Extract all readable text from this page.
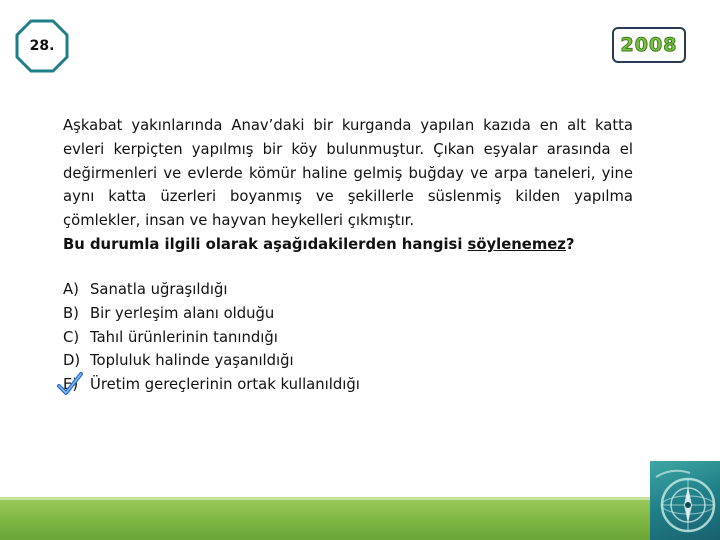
28.	2008

Aşkabat yakınlarında Anav’daki bir kurganda yapılan kazıda en alt katta evleri kerpiçten yapılmış bir köy bulunmuştur. Çıkan eşyalar arasında el değirmenleri ve evlerde kömür haline gelmiş buğday ve arpa taneleri, yine aynı katta üzerleri boyanmış ve şekillerle süslenmiş kilden yapılma çömlekler, insan ve hayvan heykelleri çıkmıştır.

Bu durumla ilgili olarak aşağıdakilerden hangisi söylenemez?

A) Sanatla uğraşıldığı
B) Bir yerleşim alanı olduğu
C) Tahıl ürünlerinin tanındığı
D) Topluluk halinde yaşanıldığı
E) Üretim gereçlerinin ortak kullanıldığı
